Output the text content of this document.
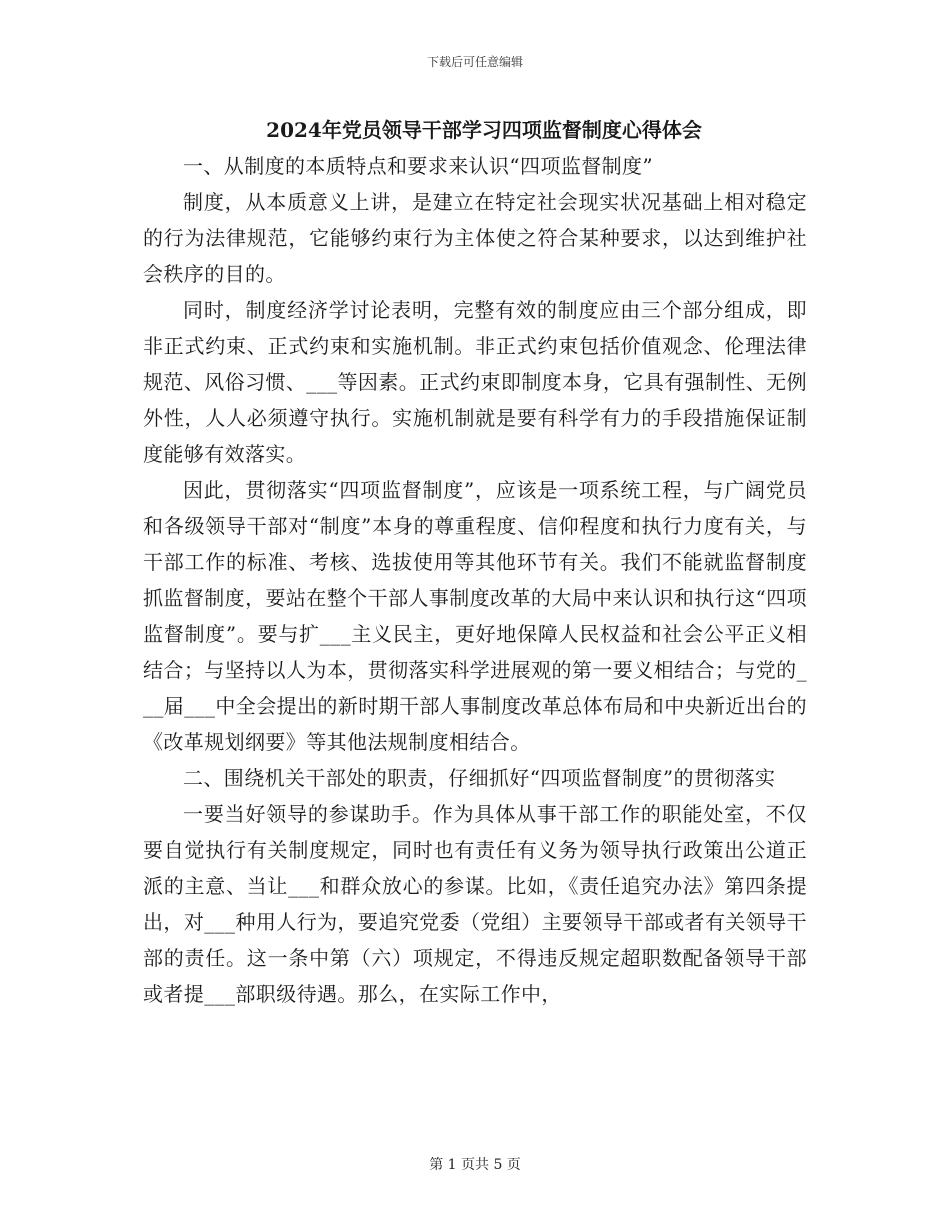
下载后可任意编辑
2024年党员领导干部学习四项监督制度心得体会

一、从制度的本质特点和要求来认识“四项监督制度”

制度，从本质意义上讲，是建立在特定社会现实状况基础上相对稳定的行为法律规范，它能够约束行为主体使之符合某种要求，以达到维护社会秩序的目的。

同时，制度经济学讨论表明，完整有效的制度应由三个部分组成，即非正式约束、正式约束和实施机制。非正式约束包括价值观念、伦理法律规范、风俗习惯、___等因素。正式约束即制度本身，它具有强制性、无例外性，人人必须遵守执行。实施机制就是要有科学有力的手段措施保证制度能够有效落实。

因此，贯彻落实“四项监督制度”，应该是一项系统工程，与广阔党员和各级领导干部对“制度”本身的尊重程度、信仰程度和执行力度有关，与干部工作的标准、考核、选拔使用等其他环节有关。我们不能就监督制度抓监督制度，要站在整个干部人事制度改革的大局中来认识和执行这“四项监督制度”。要与扩___主义民主，更好地保障人民权益和社会公平正义相结合；与坚持以人为本，贯彻落实科学进展观的第一要义相结合；与党的___届___中全会提出的新时期干部人事制度改革总体布局和中央新近出台的《改革规划纲要》等其他法规制度相结合。

二、围绕机关干部处的职责，仔细抓好“四项监督制度”的贯彻落实

一要当好领导的参谋助手。作为具体从事干部工作的职能处室，不仅要自觉执行有关制度规定，同时也有责任有义务为领导执行政策出公道正派的主意、当让___和群众放心的参谋。比如，《责任追究办法》第四条提出，对___种用人行为，要追究党委（党组）主要领导干部或者有关领导干部的责任。这一条中第（六）项规定，不得违反规定超职数配备领导干部或者提___部职级待遇。那么，在实际工作中，

第 1 页共 5 页
